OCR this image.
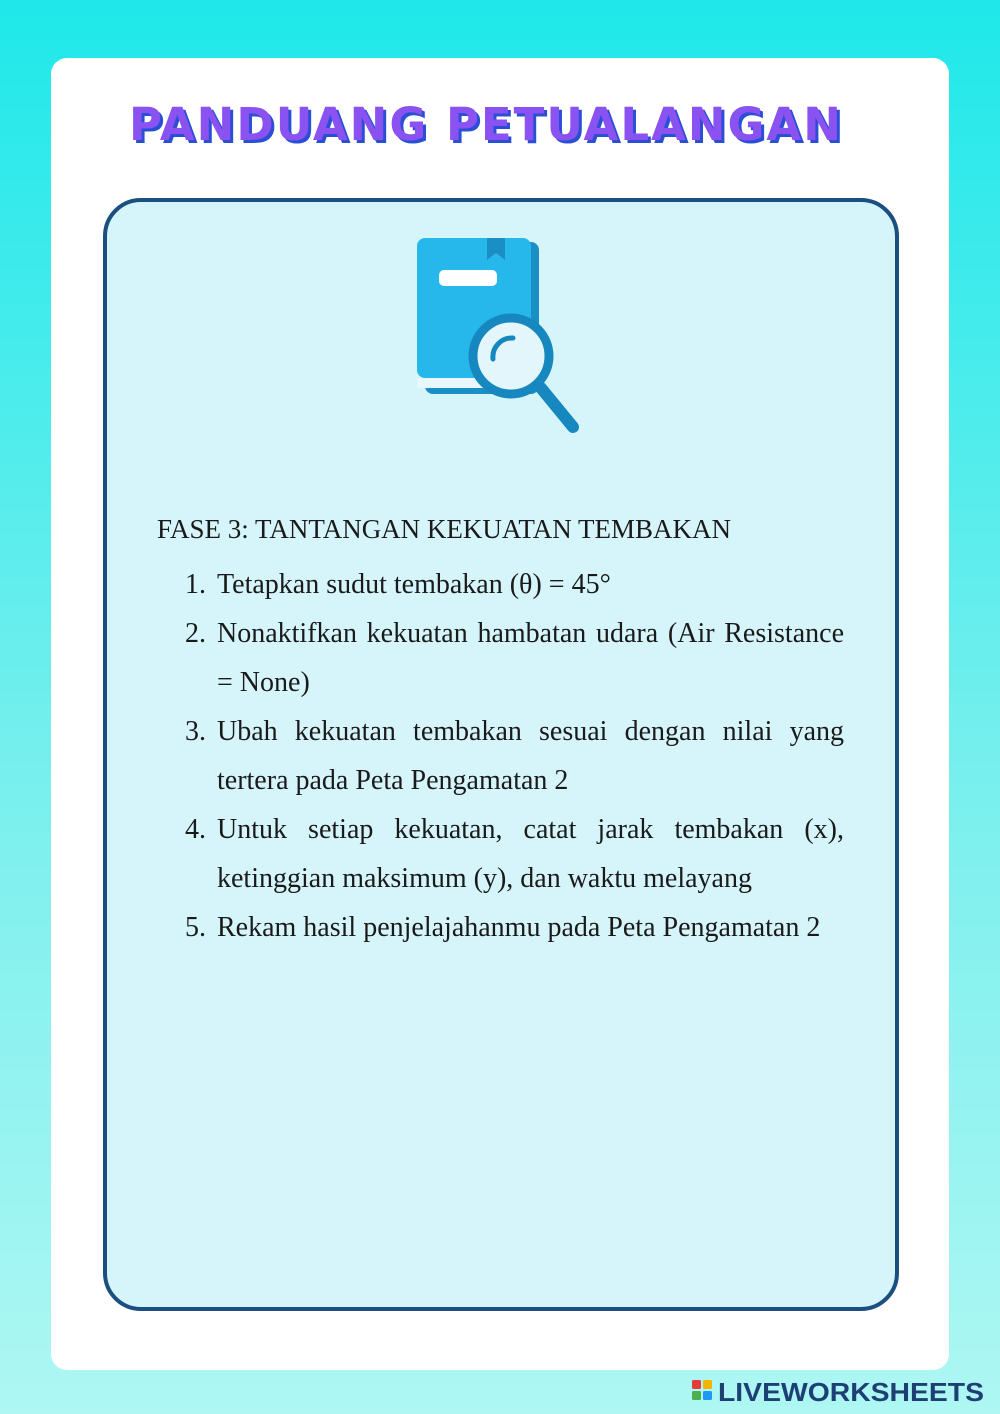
PANDUANG PETUALANGAN
FASE 3: TANTANGAN KEKUATAN TEMBAKAN
1. Tetapkan sudut tembakan (θ) = 45°
2. Nonaktifkan kekuatan hambatan udara (Air Resistance = None)
3. Ubah kekuatan tembakan sesuai dengan nilai yang tertera pada Peta Pengamatan 2
4. Untuk setiap kekuatan, catat jarak tembakan (x), ketinggian maksimum (y), dan waktu melayang
5. Rekam hasil penjelajahanmu pada Peta Pengamatan 2
LIVEWORKSHEETS
